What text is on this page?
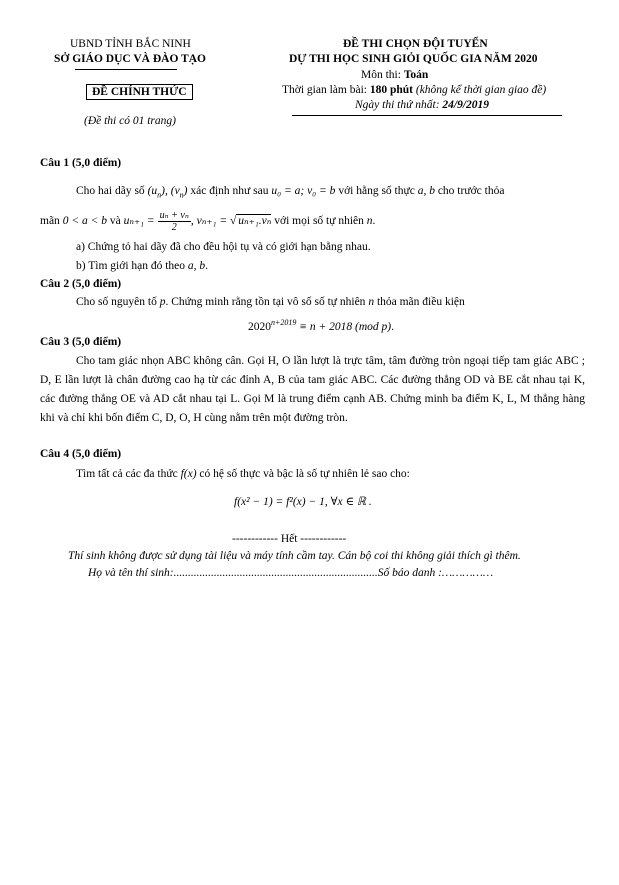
UBND TỈNH BẮC NINH
SỞ GIÁO DỤC VÀ ĐÀO TẠO
ĐỀ CHÍNH THỨC
(Đề thi có 01 trang)
ĐỀ THI CHỌN ĐỘI TUYỂN
DỰ THI HỌC SINH GIỎI QUỐC GIA NĂM 2020
Môn thi: Toán
Thời gian làm bài: 180 phút (không kể thời gian giao đề)
Ngày thi thứ nhất: 24/9/2019
Câu 1 (5,0 điểm)
Cho hai dãy số $(u_n)$, $(v_n)$ xác định như sau u₀ = a; v₀ = b với hằng số thực a, b cho trước thỏa
mãn 0 < a < b và $u_{n+1} = \frac{\text{uₙ + vₙ}}{2}$, vₙ₊₁ = √ uₙ₊₁.vₙ với mọi số tự nhiên n.
a) Chứng tỏ hai dãy đã cho đều hội tụ và có giới hạn bằng nhau.
b) Tìm giới hạn đó theo a, b.
Câu 2 (5,0 điểm)
Cho số nguyên tố p. Chứng minh rằng tồn tại vô số số tự nhiên n thỏa mãn điều kiện
$2020^{n+2019} \equiv n + 2018$ (mod p).
Câu 3 (5,0 điểm)
Cho tam giác nhọn ABC không cân. Gọi H, O lần lượt là trực tâm, tâm đường tròn ngoại tiếp tam giác ABC ; D, E lần lượt là chân đường cao hạ từ các đỉnh A, B của tam giác ABC. Các đường thẳng OD và BE cắt nhau tại K, các đường thẳng OE và AD cắt nhau tại L. Gọi M là trung điểm cạnh AB. Chứng minh ba điểm K, L, M thẳng hàng khi và chỉ khi bốn điểm C, D, O, H cùng nằm trên một đường tròn.
Câu 4 (5,0 điểm)
Tìm tất cả các đa thức f(x) có hệ số thực và bậc là số tự nhiên lẻ sao cho:
f(x² − 1) = f²(x) − 1, ∀x ∈ ℝ .
------------ Hết ------------
Thí sinh không được sử dụng tài liệu và máy tính cầm tay. Cán bộ coi thi không giải thích gì thêm.
Họ và tên thí sinh:.......................................................................Số báo danh :……………
